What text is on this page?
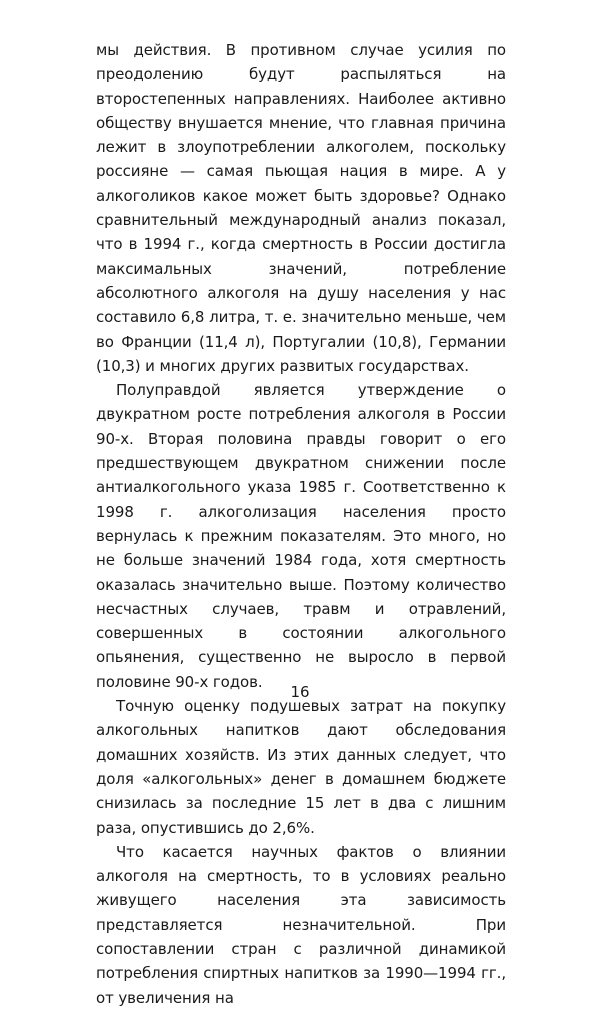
мы действия. В противном случае усилия по преодолению будут распыляться на второстепенных направлениях. Наиболее активно обществу внушается мнение, что главная причина лежит в злоупотреблении алкоголем, поскольку россияне — самая пьющая нация в мире. А у алкоголиков какое может быть здоровье? Однако сравнительный международный анализ показал, что в 1994 г., когда смертность в России достигла максимальных значений, потребление абсолютного алкоголя на душу населения у нас составило 6,8 литра, т. е. значительно меньше, чем во Франции (11,4 л), Португалии (10,8), Германии (10,3) и многих других развитых государствах.

Полуправдой является утверждение о двукратном росте потребления алкоголя в России 90-х. Вторая половина правды говорит о его предшествующем двукратном снижении после антиалкогольного указа 1985 г. Соответственно к 1998 г. алкоголизация населения просто вернулась к прежним показателям. Это много, но не больше значений 1984 года, хотя смертность оказалась значительно выше. Поэтому количество несчастных случаев, травм и отравлений, совершенных в состоянии алкогольного опьянения, существенно не выросло в первой половине 90-х годов.

Точную оценку подушевых затрат на покупку алкогольных напитков дают обследования домашних хозяйств. Из этих данных следует, что доля «алкогольных» денег в домашнем бюджете снизилась за последние 15 лет в два с лишним раза, опустившись до 2,6%.

Что касается научных фактов о влиянии алкоголя на смертность, то в условиях реально живущего населения эта зависимость представляется незначительной. При сопоставлении стран с различной динамикой потребления спиртных напитков за 1990—1994 гг., от увеличения на

16
